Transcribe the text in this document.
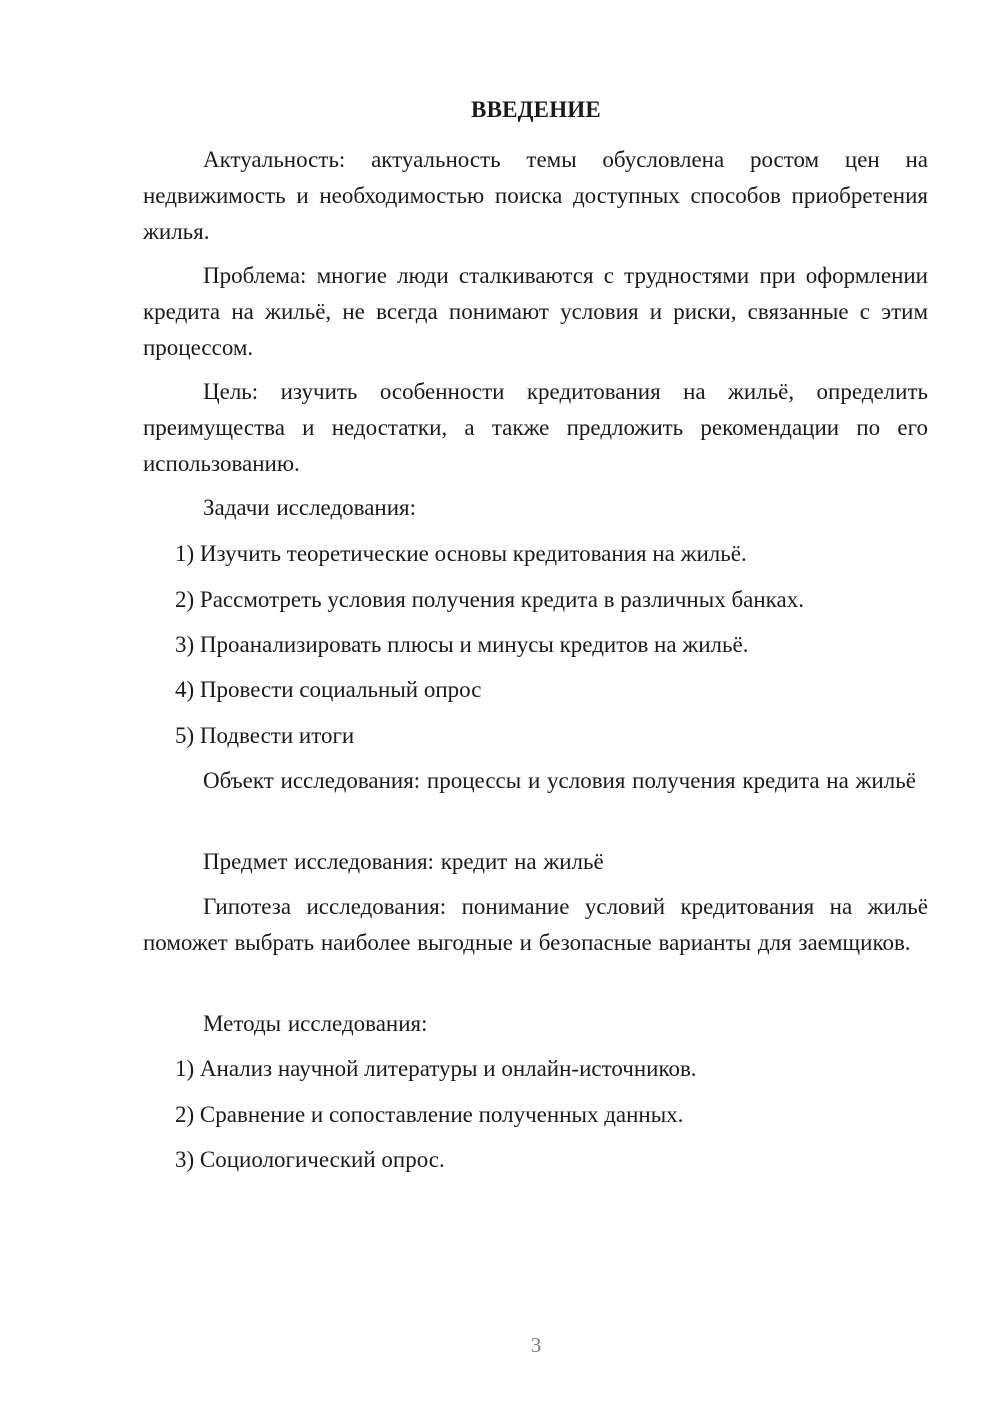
ВВЕДЕНИЕ

Актуальность: актуальность темы обусловлена ростом цен на недвижимость и необходимостью поиска доступных способов приобретения жилья.

Проблема: многие люди сталкиваются с трудностями при оформлении кредита на жильё, не всегда понимают условия и риски, связанные с этим процессом.

Цель: изучить особенности кредитования на жильё, определить преимущества и недостатки, а также предложить рекомендации по его использованию.

Задачи исследования:

1) Изучить теоретические основы кредитования на жильё.

2) Рассмотреть условия получения кредита в различных банках.

3) Проанализировать плюсы и минусы кредитов на жильё.

4) Провести социальный опрос

5) Подвести итоги

Объект исследования: процессы и условия получения кредита на жильё

Предмет исследования: кредит на жильё

Гипотеза исследования: понимание условий кредитования на жильё поможет выбрать наиболее выгодные и безопасные варианты для заемщиков.

Методы исследования:

1) Анализ научной литературы и онлайн-источников.

2) Сравнение и сопоставление полученных данных.

3) Социологический опрос.

3
